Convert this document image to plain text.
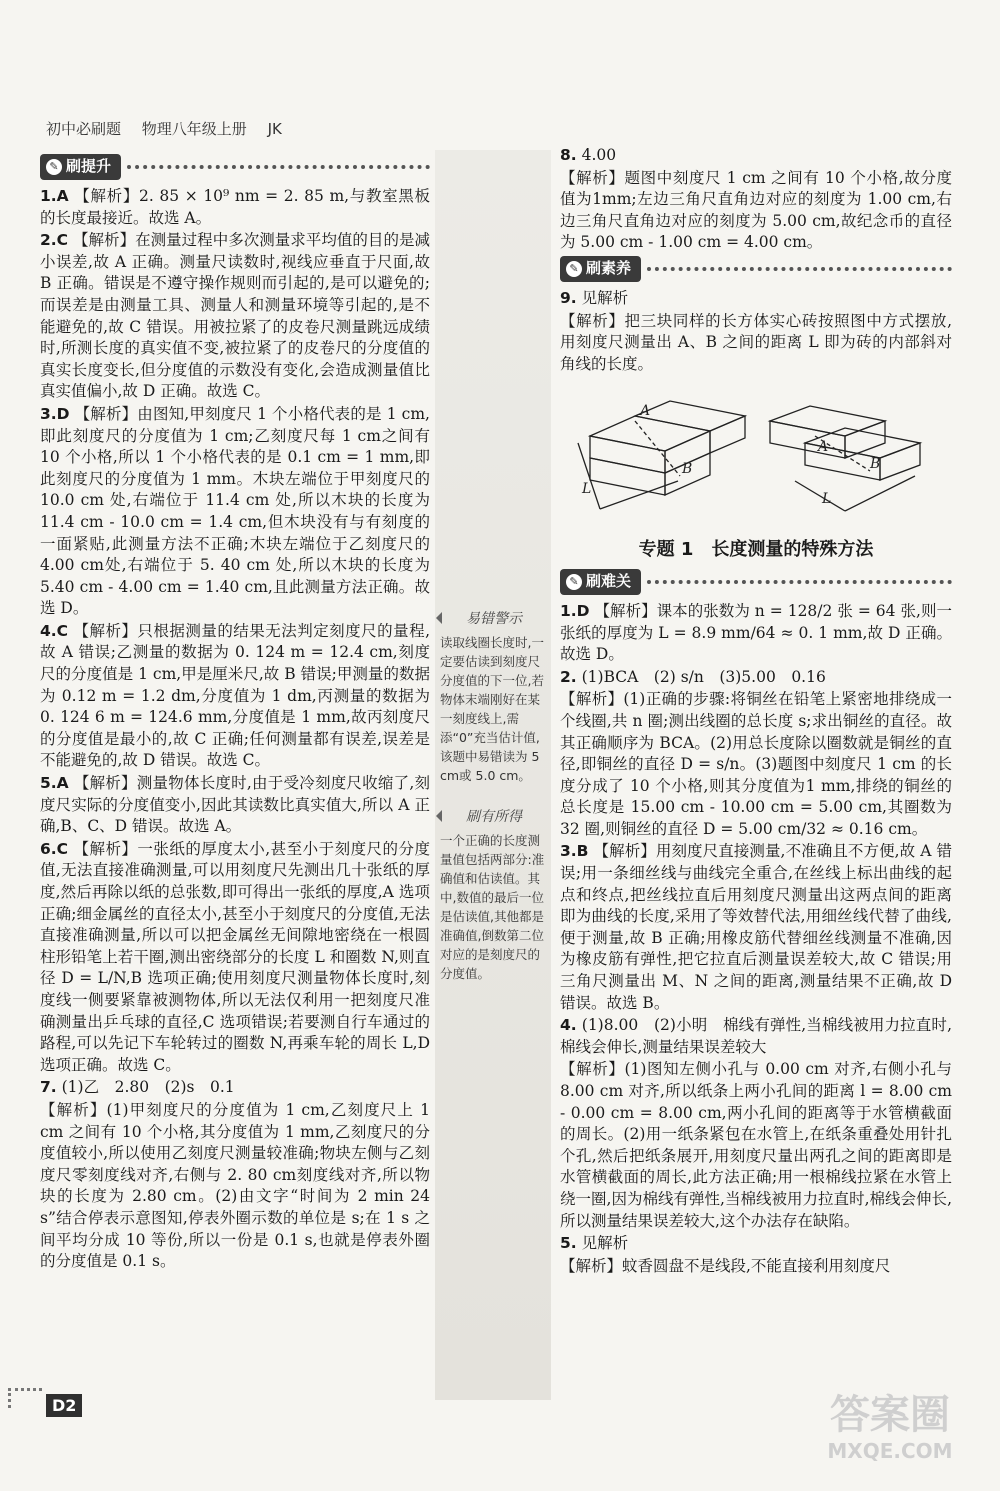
初中必刷题 物理八年级上册 JK
易错警示
读取线圈长度时,一定要估读到刻度尺分度值的下一位,若物体末端刚好在某一刻度线上,需添“0”充当估计值,该题中易错读为 5 cm或 5.0 cm。
刷有所得
一个正确的长度测量值包括两部分:准确值和估读值。其中,数值的最后一位是估读值,其他都是准确值,倒数第二位对应的是刻度尺的分度值。
✎ 刷提升

1.A 【解析】2. 85 × 10⁹ nm = 2. 85 m,与教室黑板的长度最接近。故选 A。

2.C 【解析】在测量过程中多次测量求平均值的目的是减小误差,故 A 正确。测量尺读数时,视线应垂直于尺面,故 B 正确。错误是不遵守操作规则而引起的,是可以避免的;而误差是由测量工具、测量人和测量环境等引起的,是不能避免的,故 C 错误。用被拉紧了的皮卷尺测量跳远成绩时,所测长度的真实值不变,被拉紧了的皮卷尺的分度值的真实长度变长,但分度值的示数没有变化,会造成测量值比真实值偏小,故 D 正确。故选 C。

3.D 【解析】由图知,甲刻度尺 1 个小格代表的是 1 cm,即此刻度尺的分度值为 1 cm;乙刻度尺每 1 cm之间有 10 个小格,所以 1 个小格代表的是 0.1 cm = 1 mm,即此刻度尺的分度值为 1 mm。木块左端位于甲刻度尺的 10.0 cm 处,右端位于 11.4 cm 处,所以木块的长度为 11.4 cm - 10.0 cm = 1.4 cm,但木块没有与有刻度的一面紧贴,此测量方法不正确;木块左端位于乙刻度尺的4.00 cm处,右端位于 5. 40 cm 处,所以木块的长度为 5.40 cm - 4.00 cm = 1.40 cm,且此测量方法正确。故选 D。

4.C 【解析】只根据测量的结果无法判定刻度尺的量程,故 A 错误;乙测量的数据为 0. 124 m = 12.4 cm,刻度尺的分度值是 1 cm,甲是厘米尺,故 B 错误;甲测量的数据为 0.12 m = 1.2 dm,分度值为 1 dm,丙测量的数据为 0. 124 6 m = 124.6 mm,分度值是 1 mm,故丙刻度尺的分度值是最小的,故 C 正确;任何测量都有误差,误差是不能避免的,故 D 错误。故选 C。

5.A 【解析】测量物体长度时,由于受冷刻度尺收缩了,刻度尺实际的分度值变小,因此其读数比真实值大,所以 A 正确,B、C、D 错误。故选 A。

6.C 【解析】一张纸的厚度太小,甚至小于刻度尺的分度值,无法直接准确测量,可以用刻度尺先测出几十张纸的厚度,然后再除以纸的总张数,即可得出一张纸的厚度,A 选项正确;细金属丝的直径太小,甚至小于刻度尺的分度值,无法直接准确测量,所以可以把金属丝无间隙地密绕在一根圆柱形铅笔上若干圈,测出密绕部分的长度 L 和圈数 N,则直径 D = L/N,B 选项正确;使用刻度尺测量物体长度时,刻度线一侧要紧靠被测物体,所以无法仅利用一把刻度尺准确测量出乒乓球的直径,C 选项错误;若要测自行车通过的路程,可以先记下车轮转过的圈数 N,再乘车轮的周长 L,D 选项正确。故选 C。

7. (1)乙　2.80　(2)s　0.1

【解析】(1)甲刻度尺的分度值为 1 cm,乙刻度尺上 1 cm 之间有 10 个小格,其分度值为 1 mm,乙刻度尺的分度值较小,所以使用乙刻度尺测量较准确;物块左侧与乙刻度尺零刻度线对齐,右侧与 2. 80 cm刻度线对齐,所以物块的长度为 2.80 cm。(2)由文字“时间为 2 min 24 s”结合停表示意图知,停表外圈示数的单位是 s;在 1 s 之间平均分成 10 等份,所以一份是 0.1 s,也就是停表外圈的分度值是 0.1 s。

8. 4.00

【解析】题图中刻度尺 1 cm 之间有 10 个小格,故分度值为1mm;左边三角尺直角边对应的刻度为 1.00 cm,右边三角尺直角边对应的刻度为 5.00 cm,故纪念币的直径为 5.00 cm - 1.00 cm = 4.00 cm。

✎ 刷素养

9. 见解析

【解析】把三块同样的长方体实心砖按照图中方式摆放,用刻度尺测量出 A、B 之间的距离 L 即为砖的内部斜对角线的长度。

A
B
L
A
B
L
专题 1　长度测量的特殊方法
✎ 刷难关

1.D 【解析】课本的张数为 n = 128/2 张 = 64 张,则一张纸的厚度为 L = 8.9 mm/64 ≈ 0. 1 mm,故 D 正确。故选 D。

2. (1)BCA　(2) s/n　(3)5.00　0.16

【解析】(1)正确的步骤:将铜丝在铅笔上紧密地排绕成一个线圈,共 n 圈;测出线圈的总长度 s;求出铜丝的直径。故其正确顺序为 BCA。(2)用总长度除以圈数就是铜丝的直径,即铜丝的直径 D = s/n。(3)题图中刻度尺 1 cm 的长度分成了 10 个小格,则其分度值为1 mm,排绕的铜丝的总长度是 15.00 cm - 10.00 cm = 5.00 cm,其圈数为 32 圈,则铜丝的直径 D = 5.00 cm/32 ≈ 0.16 cm。

3.B 【解析】用刻度尺直接测量,不准确且不方便,故 A 错误;用一条细丝线与曲线完全重合,在丝线上标出曲线的起点和终点,把丝线拉直后用刻度尺测量出这两点间的距离即为曲线的长度,采用了等效替代法,用细丝线代替了曲线,便于测量,故 B 正确;用橡皮筋代替细丝线测量不准确,因为橡皮筋有弹性,把它拉直后测量误差较大,故 C 错误;用三角尺测量出 M、N 之间的距离,测量结果不正确,故 D 错误。故选 B。

4. (1)8.00　(2)小明　棉线有弹性,当棉线被用力拉直时,棉线会伸长,测量结果误差较大

【解析】(1)图知左侧小孔与 0.00 cm 对齐,右侧小孔与 8.00 cm 对齐,所以纸条上两小孔间的距离 l = 8.00 cm - 0.00 cm = 8.00 cm,两小孔间的距离等于水管横截面的周长。(2)用一纸条紧包在水管上,在纸条重叠处用针扎个孔,然后把纸条展开,用刻度尺量出两孔之间的距离即是水管横截面的周长,此方法正确;用一根棉线拉紧在水管上绕一圈,因为棉线有弹性,当棉线被用力拉直时,棉线会伸长,所以测量结果误差较大,这个办法存在缺陷。

5. 见解析

【解析】蚊香圆盘不是线段,不能直接利用刻度尺

D2	答案圈
MXQE.COM
